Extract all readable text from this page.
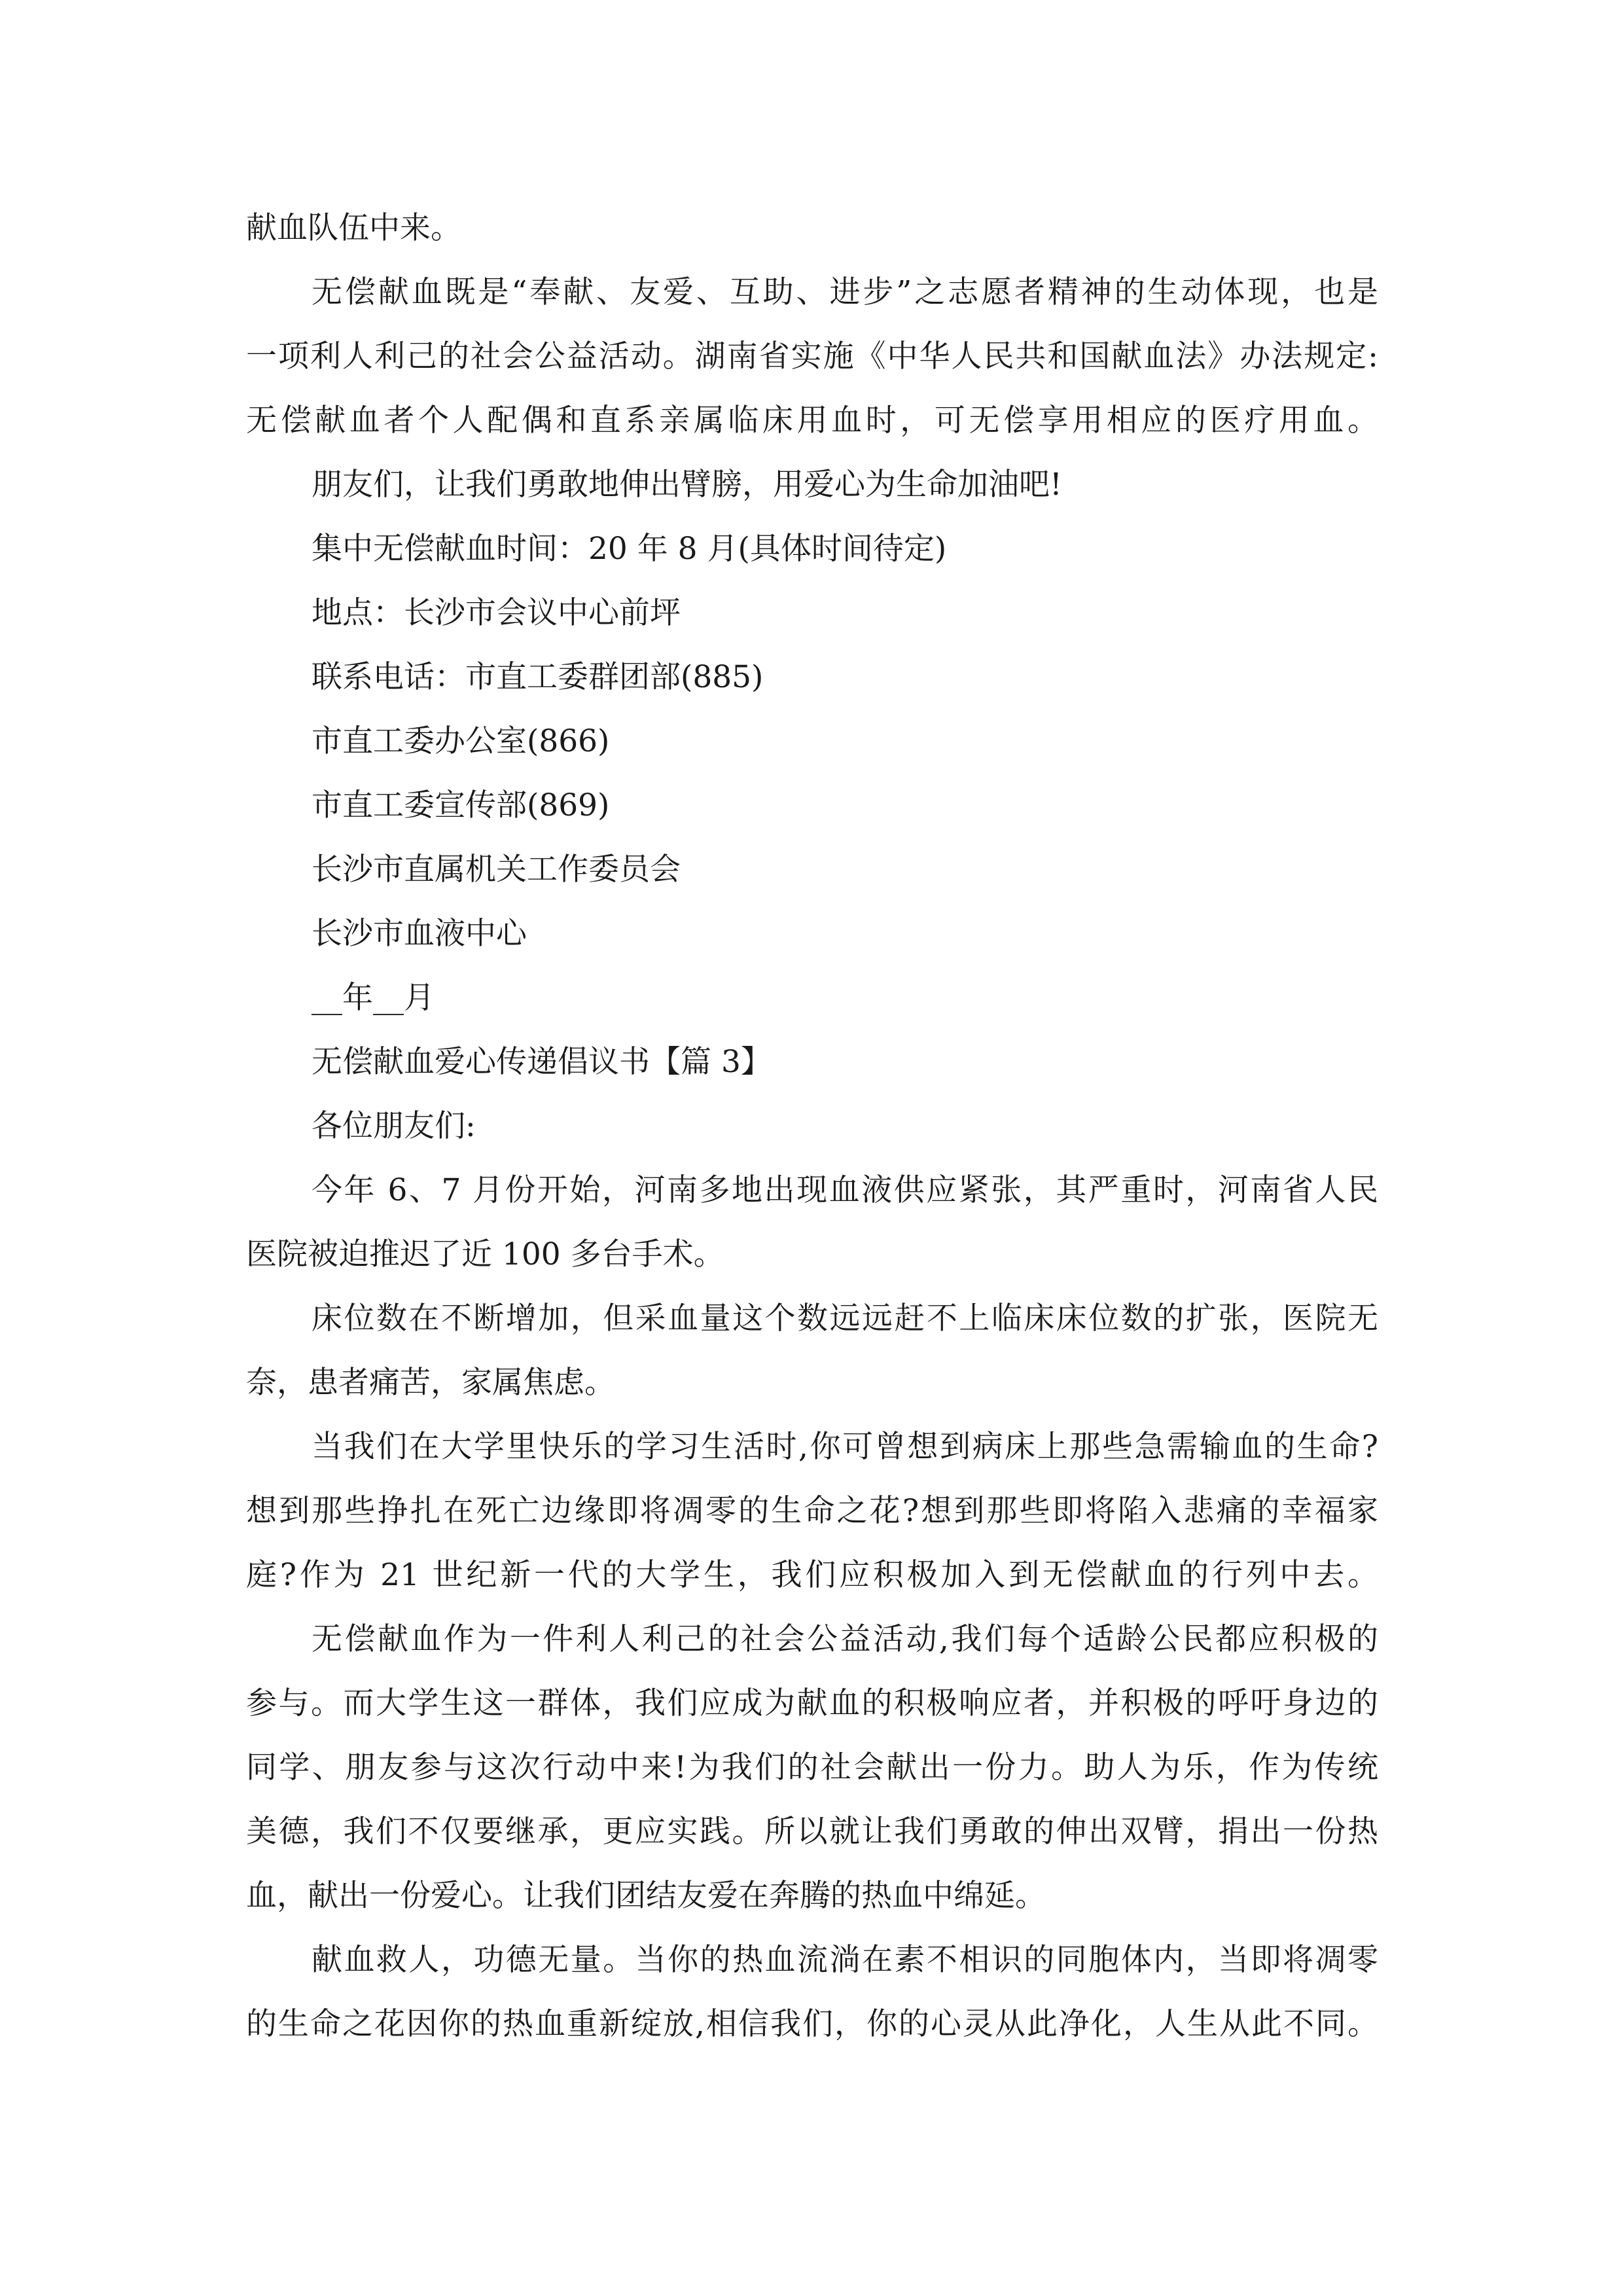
献血队伍中来。

无偿献血既是“奉献、友爱、互助、进步”之志愿者精神的生动体现，也是

一项利人利己的社会公益活动。湖南省实施《中华人民共和国献血法》办法规定:

无偿献血者个人配偶和直系亲属临床用血时，可无偿享用相应的医疗用血。

朋友们，让我们勇敢地伸出臂膀，用爱心为生命加油吧!

集中无偿献血时间：20 年 8 月(具体时间待定)

地点：长沙市会议中心前坪

联系电话：市直工委群团部(885)

市直工委办公室(866)

市直工委宣传部(869)

长沙市直属机关工作委员会

长沙市血液中心

__年__月

无偿献血爱心传递倡议书【篇 3】

各位朋友们:

今年 6、7 月份开始，河南多地出现血液供应紧张，其严重时，河南省人民

医院被迫推迟了近 100 多台手术。

床位数在不断增加，但采血量这个数远远赶不上临床床位数的扩张，医院无

奈，患者痛苦，家属焦虑。

当我们在大学里快乐的学习生活时,你可曾想到病床上那些急需输血的生命?

想到那些挣扎在死亡边缘即将凋零的生命之花?想到那些即将陷入悲痛的幸福家

庭?作为 21 世纪新一代的大学生，我们应积极加入到无偿献血的行列中去。

无偿献血作为一件利人利己的社会公益活动,我们每个适龄公民都应积极的

参与。而大学生这一群体，我们应成为献血的积极响应者，并积极的呼吁身边的

同学、朋友参与这次行动中来!为我们的社会献出一份力。助人为乐，作为传统

美德，我们不仅要继承，更应实践。所以就让我们勇敢的伸出双臂，捐出一份热

血，献出一份爱心。让我们团结友爱在奔腾的热血中绵延。

献血救人，功德无量。当你的热血流淌在素不相识的同胞体内，当即将凋零

的生命之花因你的热血重新绽放,相信我们，你的心灵从此净化，人生从此不同。
